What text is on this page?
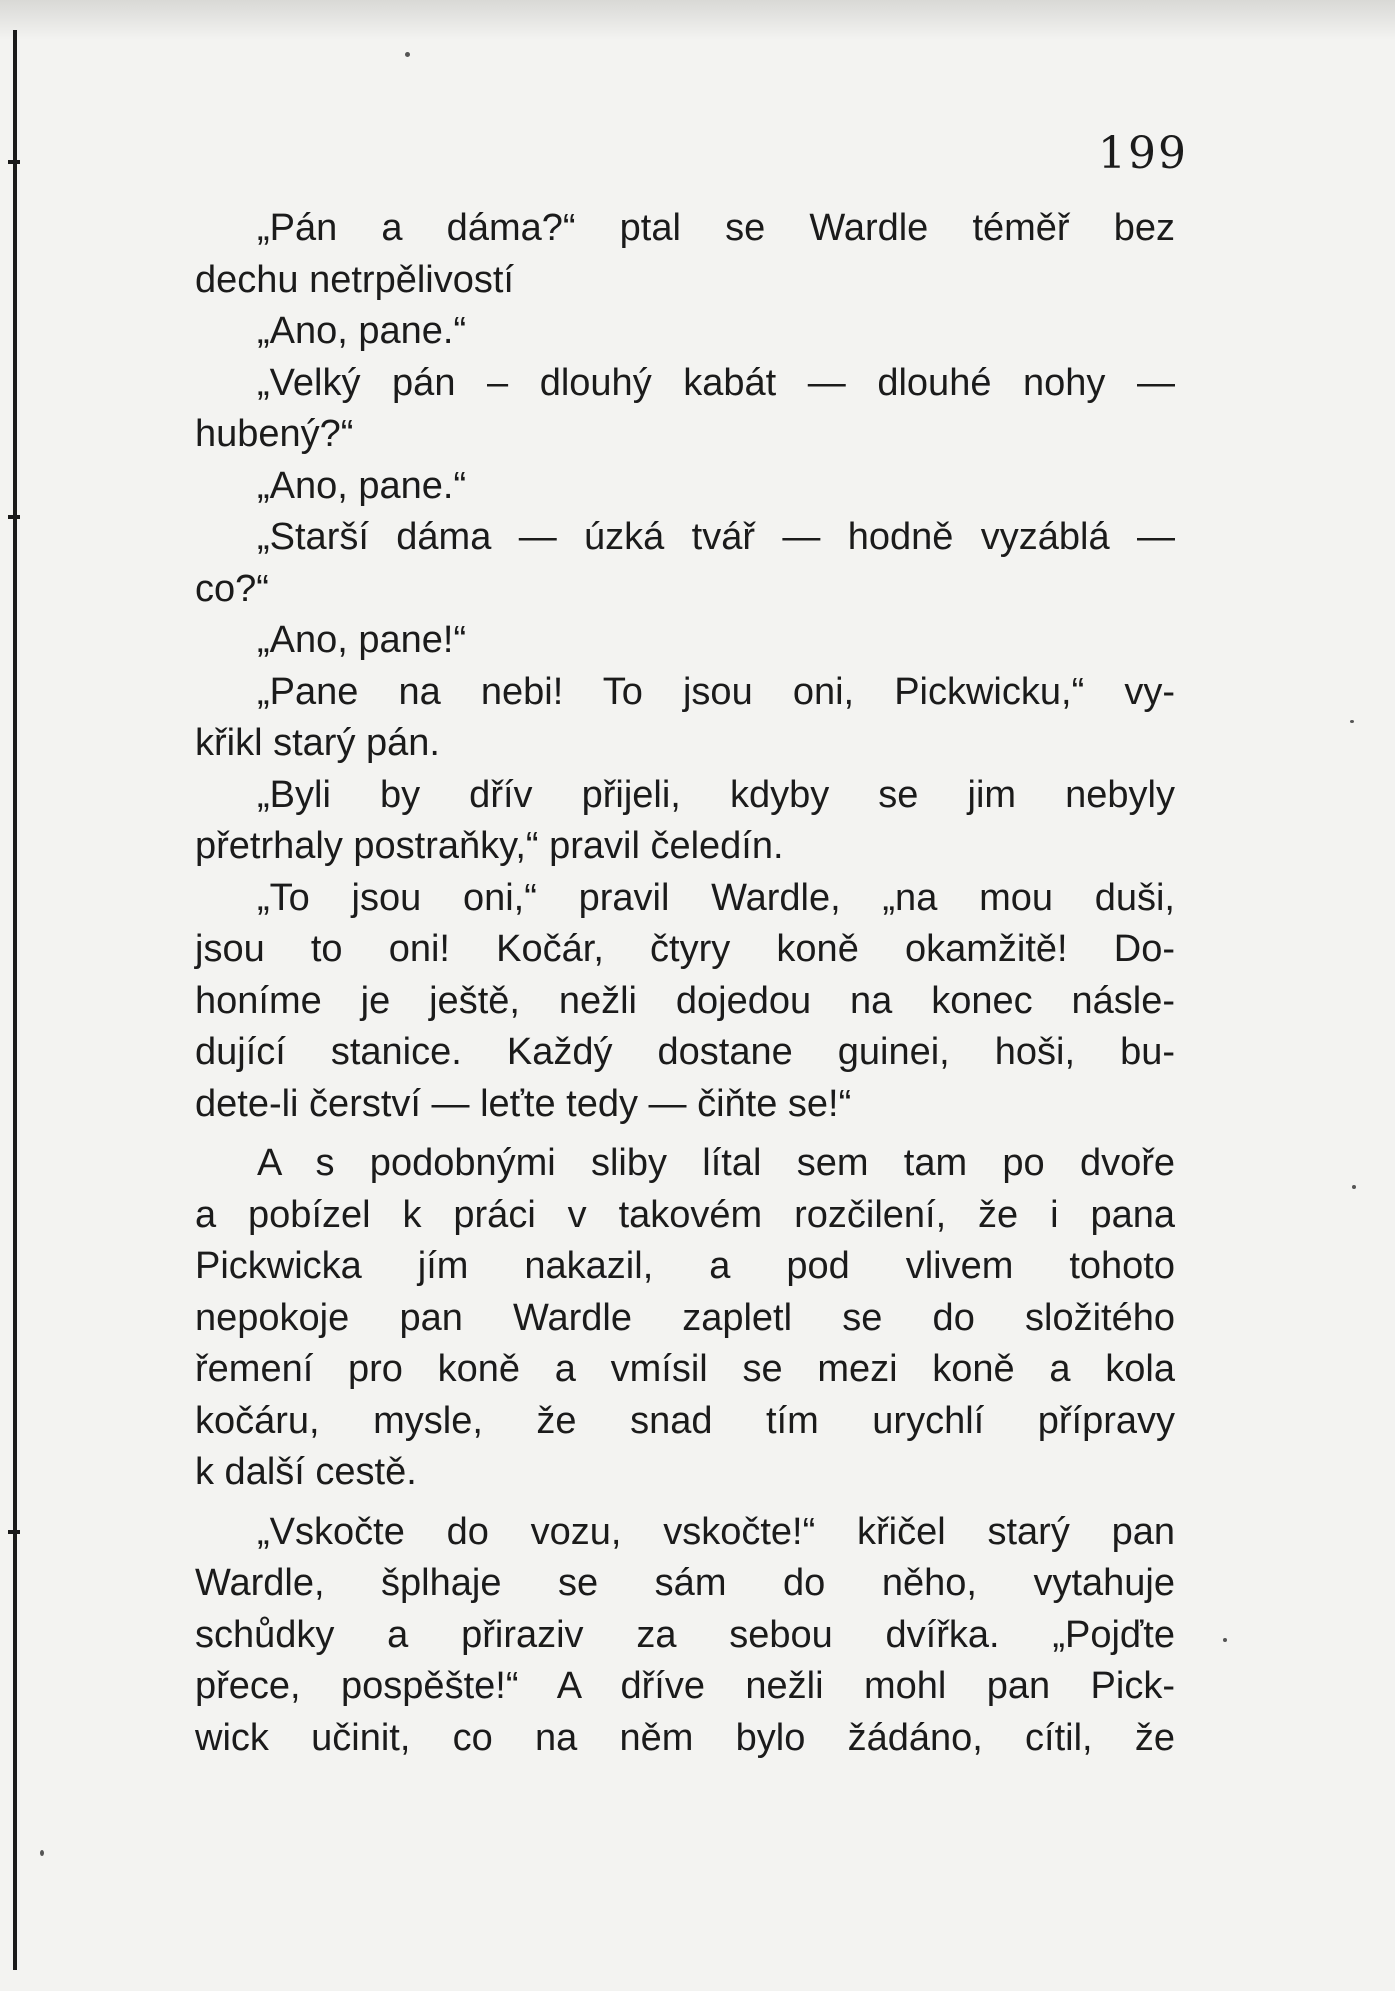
199
„Pán a dáma?“ ptal se Wardle téměř bez
dechu netrpělivostí
„Ano, pane.“
„Velký pán – dlouhý kabát — dlouhé nohy —
hubený?“
„Ano, pane.“
„Starší dáma — úzká tvář — hodně vyzáblá —
co?“
„Ano, pane!“
„Pane na nebi! To jsou oni, Pickwicku,“ vy-
křikl starý pán.
„Byli by dřív přijeli, kdyby se jim nebyly
přetrhaly postraňky,“ pravil čeledín.
„To jsou oni,“ pravil Wardle, „na mou duši,
jsou to oni! Kočár, čtyry koně okamžitě! Do-
honíme je ještě, nežli dojedou na konec násle-
dující stanice. Každý dostane guinei, hoši, bu-
dete-li čerství — leťte tedy — čiňte se!“
A s podobnými sliby lítal sem tam po dvoře
a pobízel k práci v takovém rozčilení, že i pana
Pickwicka jím nakazil, a pod vlivem tohoto
nepokoje pan Wardle zapletl se do složitého
řemení pro koně a vmísil se mezi koně a kola
kočáru, mysle, že snad tím urychlí přípravy
k další cestě.
„Vskočte do vozu, vskočte!“ křičel starý pan
Wardle, šplhaje se sám do něho, vytahuje
schůdky a přiraziv za sebou dvířka. „Pojďte
přece, pospěšte!“ A dříve nežli mohl pan Pick-
wick učinit, co na něm bylo žádáno, cítil, že
